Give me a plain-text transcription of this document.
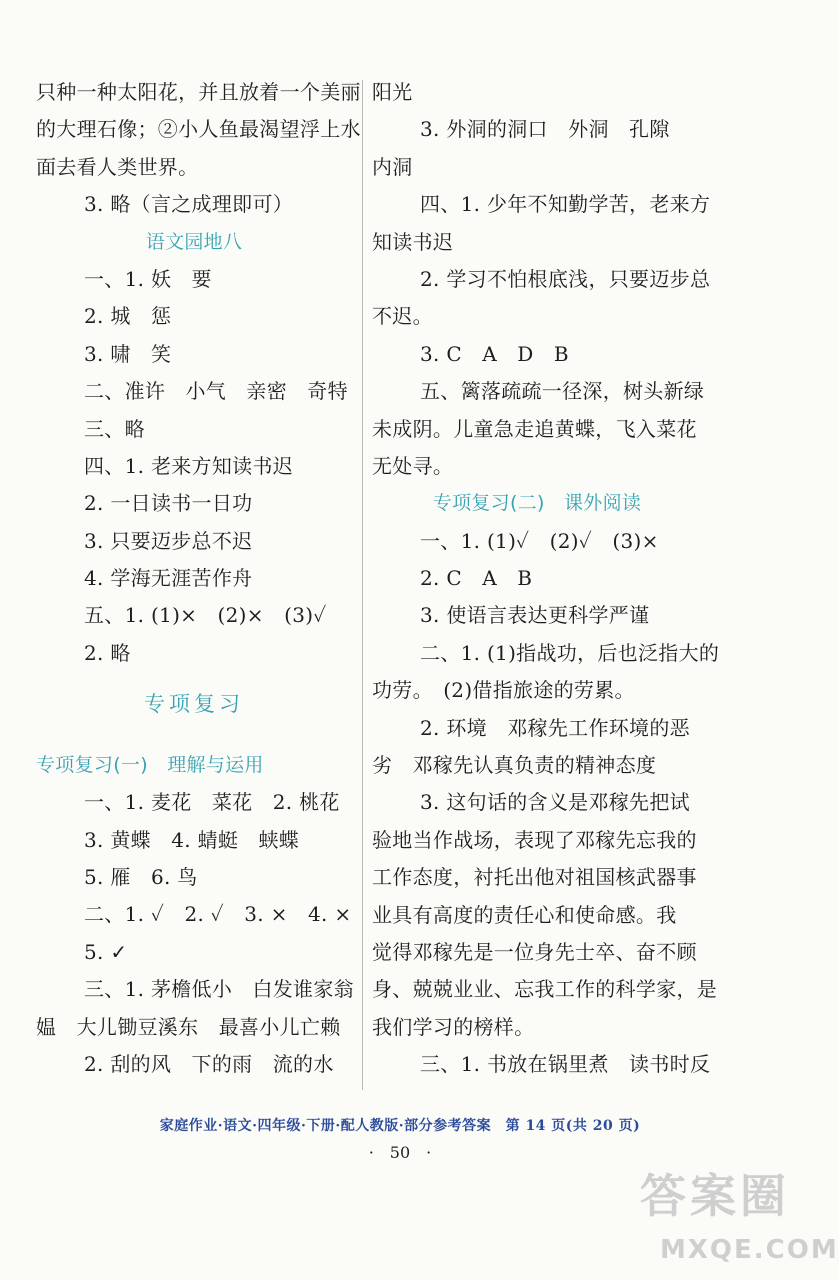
只种一种太阳花，并且放着一个美丽
的大理石像；②小人鱼最渴望浮上水
面去看人类世界。
3. 略（言之成理即可）
语文园地八
一、1. 妖　要
2. 城　惩
3. 啸　笑
二、准许　小气　亲密　奇特
三、略
四、1. 老来方知读书迟
2. 一日读书一日功
3. 只要迈步总不迟
4. 学海无涯苦作舟
五、1. (1)×　(2)×　(3)✓
2. 略
专项复习
专项复习(一)　理解与运用
一、1. 麦花　菜花　2. 桃花
3. 黄蝶　4. 蜻蜓　蛱蝶
5. 雁　6. 鸟
二、1. ✓　2. ✓　3. ×　4. ×
5. ✓
三、1. 茅檐低小　白发谁家翁
媪　大儿锄豆溪东　最喜小儿亡赖
2. 刮的风　下的雨　流的水
阳光
3. 外洞的洞口　外洞　孔隙
内洞
四、1. 少年不知勤学苦，老来方
知读书迟
2. 学习不怕根底浅，只要迈步总
不迟。
3. C　A　D　B
五、篱落疏疏一径深，树头新绿
未成阴。儿童急走追黄蝶，飞入菜花
无处寻。
专项复习(二)　课外阅读
一、1. (1)✓　(2)✓　(3)×
2. C　A　B
3. 使语言表达更科学严谨
二、1. (1)指战功，后也泛指大的
功劳。　(2)借指旅途的劳累。
2. 环境　邓稼先工作环境的恶
劣　邓稼先认真负责的精神态度
3. 这句话的含义是邓稼先把试
验地当作战场，表现了邓稼先忘我的
工作态度，衬托出他对祖国核武器事
业具有高度的责任心和使命感。我
觉得邓稼先是一位身先士卒、奋不顾
身、兢兢业业、忘我工作的科学家，是
我们学习的榜样。
三、1. 书放在锅里煮　读书时反
家庭作业·语文·四年级·下册·配人教版·部分参考答案　第 14 页(共 20 页)
·　50　·
答案圈
MXQE.COM
